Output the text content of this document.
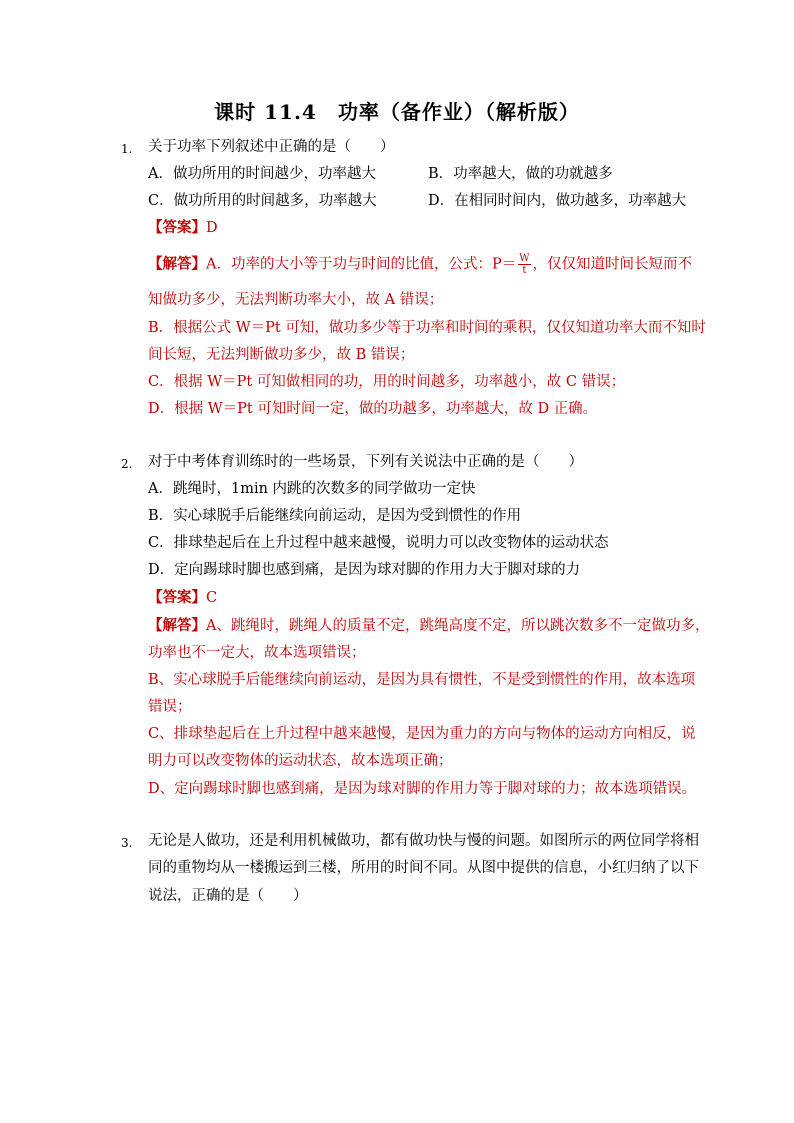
课时 11.4　功率（备作业）（解析版）
1. 关于功率下列叙述中正确的是（　　）
A．做功所用的时间越少，功率越大	B．功率越大，做的功就越多
C．做功所用的时间越多，功率越大	D．在相同时间内，做功越多，功率越大
【答案】D
【解答】A．功率的大小等于功与时间的比值，公式：$P= \frac{W}{t}$ ，仅仅知道时间长短而不
知做功多少，无法判断功率大小，故 A 错误；
B．根据公式 W＝Pt 可知，做功多少等于功率和时间的乘积，仅仅知道功率大而不知时
间长短，无法判断做功多少，故 B 错误；
C．根据 W＝Pt 可知做相同的功，用的时间越多，功率越小，故 C 错误；
D．根据 W＝Pt 可知时间一定，做的功越多，功率越大，故 D 正确。
2. 对于中考体育训练时的一些场景，下列有关说法中正确的是（　　）
A．跳绳时，1min 内跳的次数多的同学做功一定快
B．实心球脱手后能继续向前运动，是因为受到惯性的作用
C．排球垫起后在上升过程中越来越慢，说明力可以改变物体的运动状态
D．定向踢球时脚也感到痛，是因为球对脚的作用力大于脚对球的力
【答案】C
【解答】A、跳绳时，跳绳人的质量不定，跳绳高度不定，所以跳次数多不一定做功多，
功率也不一定大，故本选项错误；
B、实心球脱手后能继续向前运动，是因为具有惯性，不是受到惯性的作用，故本选项
错误；
C、排球垫起后在上升过程中越来越慢，是因为重力的方向与物体的运动方向相反，说
明力可以改变物体的运动状态，故本选项正确；
D、定向踢球时脚也感到痛，是因为球对脚的作用力等于脚对球的力；故本选项错误。
3. 无论是人做功，还是利用机械做功，都有做功快与慢的问题。如图所示的两位同学将相
同的重物均从一楼搬运到三楼，所用的时间不同。从图中提供的信息，小红归纳了以下
说法，正确的是（　　）
